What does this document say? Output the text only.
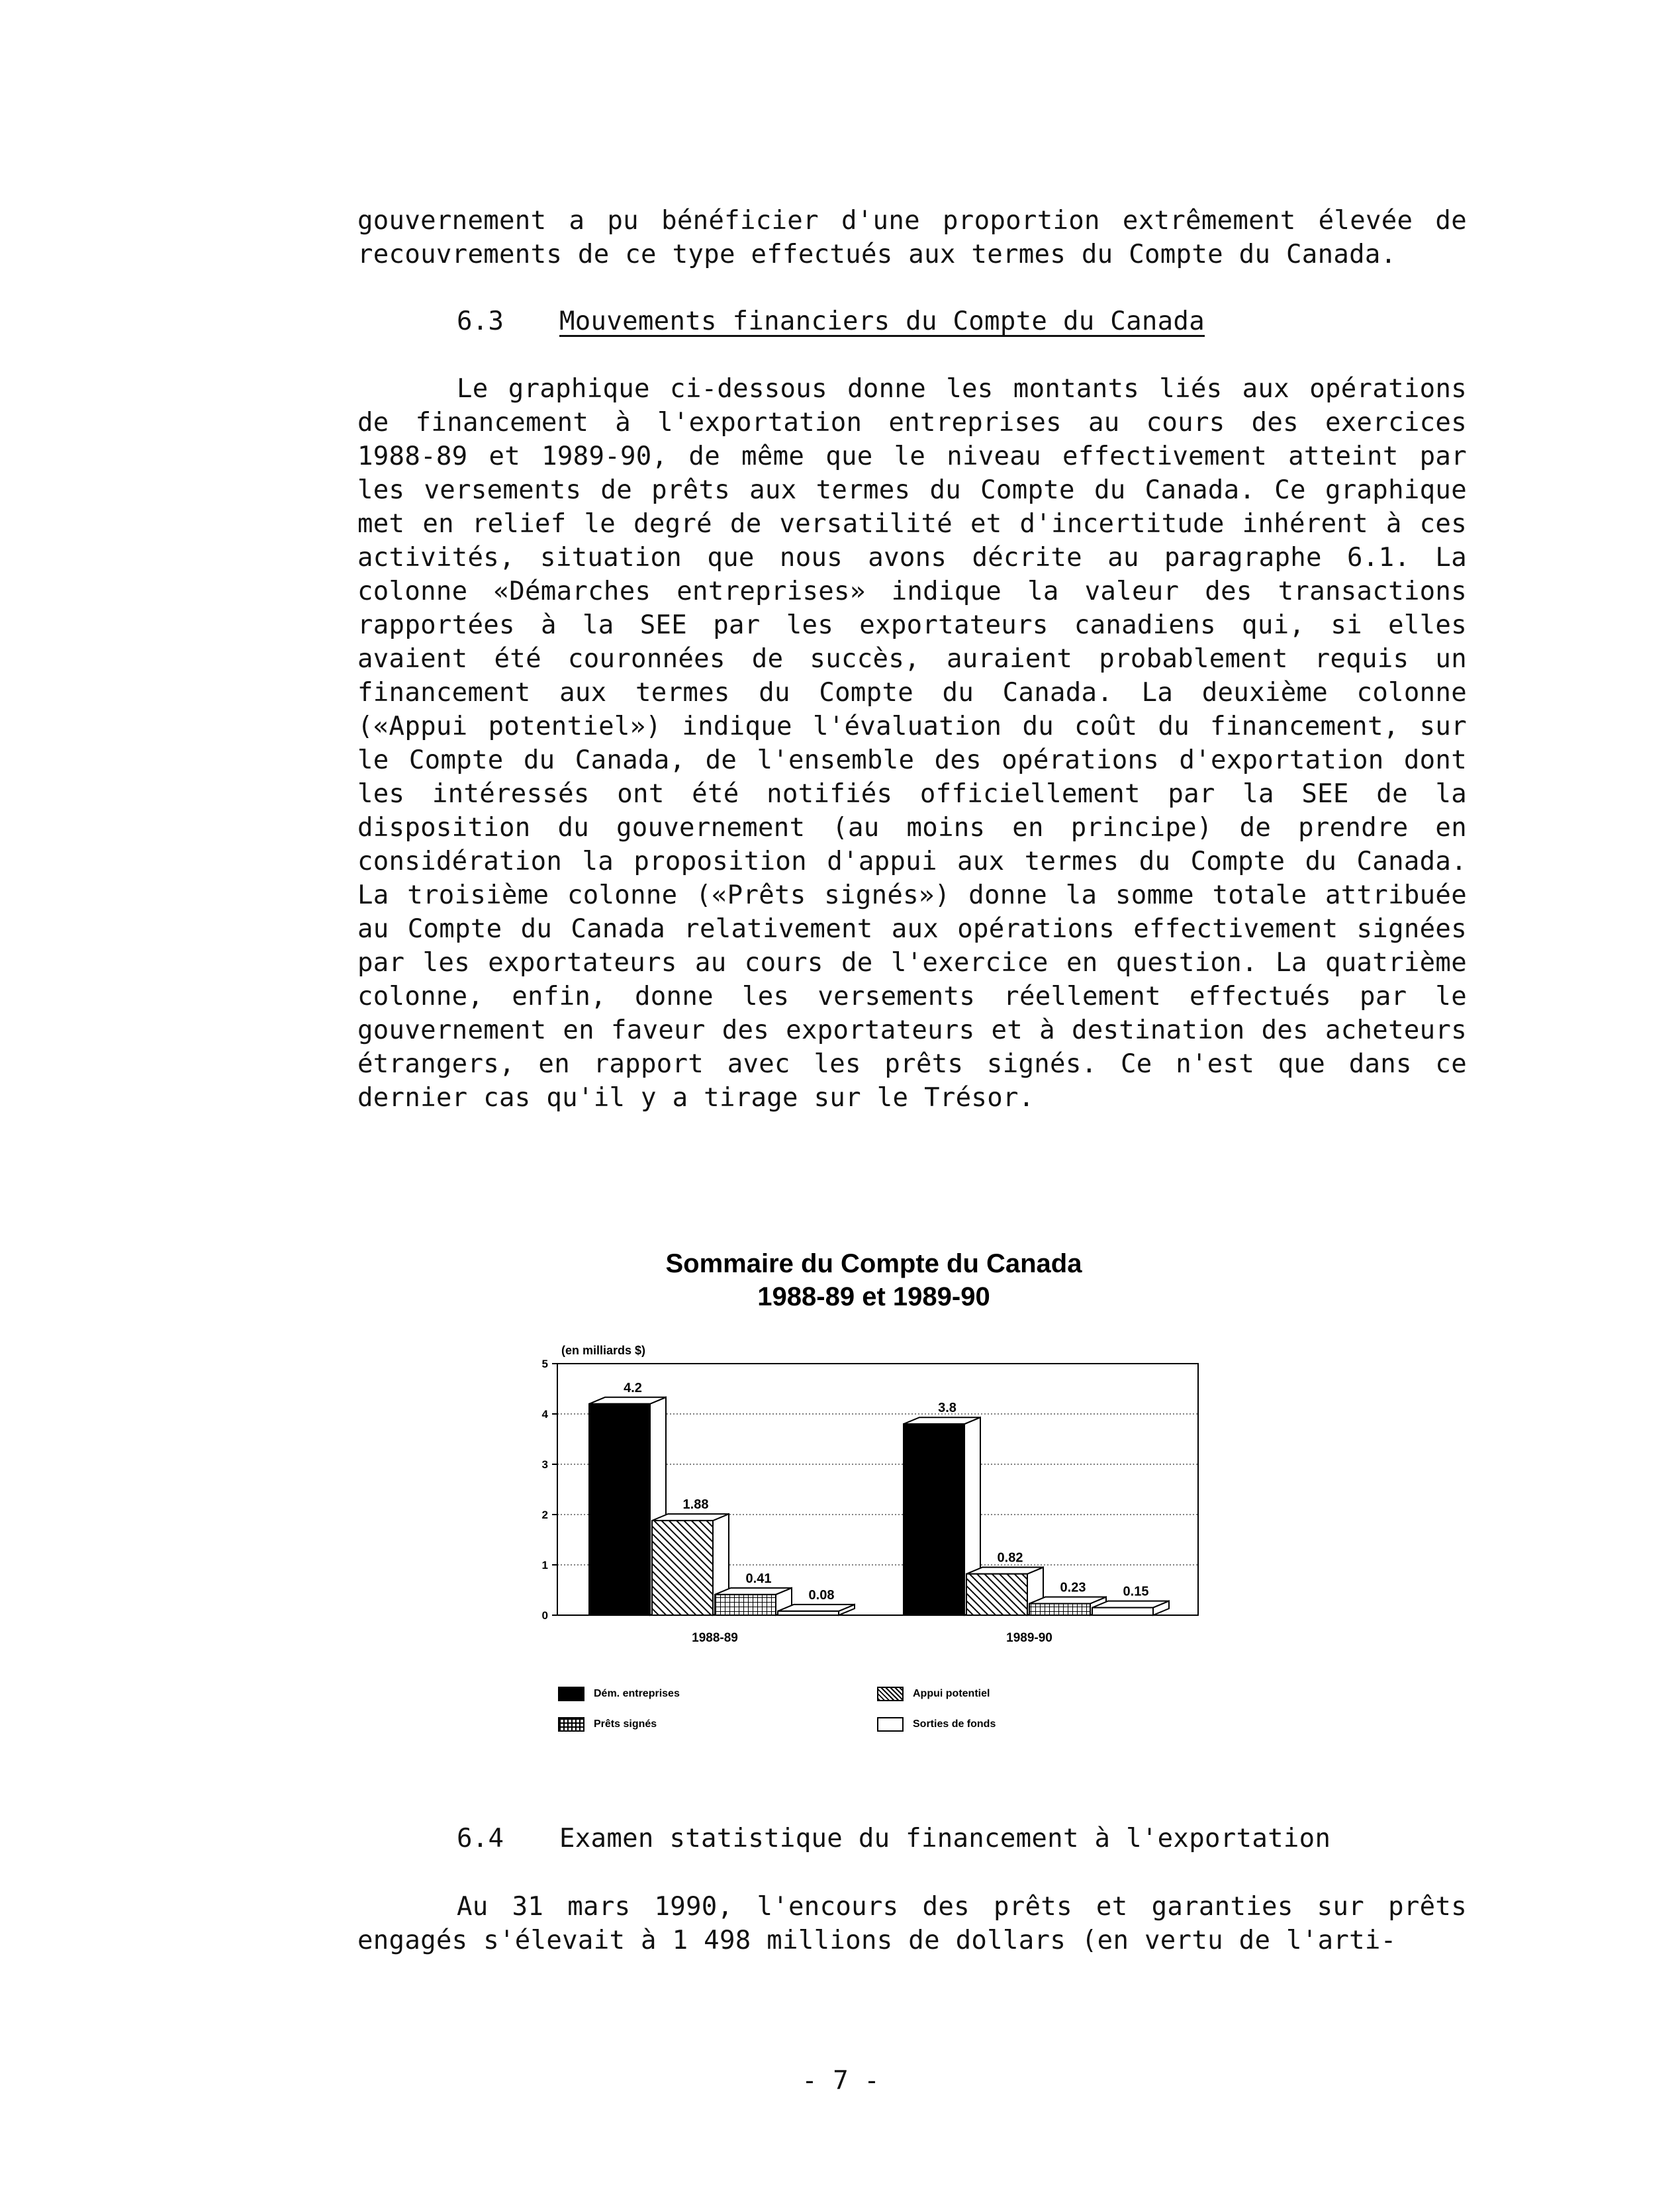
gouvernement a pu bénéficier d'une proportion extrêmement élevée de recouvrements de ce type effectués aux termes du Compte du Canada.
6.3 Mouvements financiers du Compte du Canada
Le graphique ci-dessous donne les montants liés aux opérations de financement à l'exportation entreprises au cours des exercices 1988-89 et 1989-90, de même que le niveau effectivement atteint par les versements de prêts aux termes du Compte du Canada. Ce graphique met en relief le degré de versatilité et d'incertitude inhérent à ces activités, situation que nous avons décrite au paragraphe 6.1. La colonne «Démarches entreprises» indique la valeur des transactions rapportées à la SEE par les exportateurs canadiens qui, si elles avaient été couronnées de succès, auraient probablement requis un financement aux termes du Compte du Canada. La deuxième colonne («Appui potentiel») indique l'évaluation du coût du financement, sur le Compte du Canada, de l'ensemble des opérations d'exportation dont les intéressés ont été notifiés officiellement par la SEE de la disposition du gouvernement (au moins en principe) de prendre en considération la proposition d'appui aux termes du Compte du Canada. La troisième colonne («Prêts signés») donne la somme totale attribuée au Compte du Canada relativement aux opérations effectivement signées par les exportateurs au cours de l'exercice en question. La quatrième colonne, enfin, donne les versements réellement effectués par le gouvernement en faveur des exportateurs et à destination des acheteurs étrangers, en rapport avec les prêts signés. Ce n'est que dans ce dernier cas qu'il y a tirage sur le Trésor.
Sommaire du Compte du Canada
1988-89 et 1989-90
0
1
2
3
4
5
(en milliards $)
4.2
1.88
0.41
0.08
3.8
0.82
0.23	0.15
1988-89	1989-90
Dém. entreprises	Appui potentiel
Prêts signés	Sorties de fonds
6.4 Examen statistique du financement à l'exportation
Au 31 mars 1990, l'encours des prêts et garanties sur prêts engagés s'élevait à 1 498 millions de dollars (en vertu de l'arti-
- 7 -
